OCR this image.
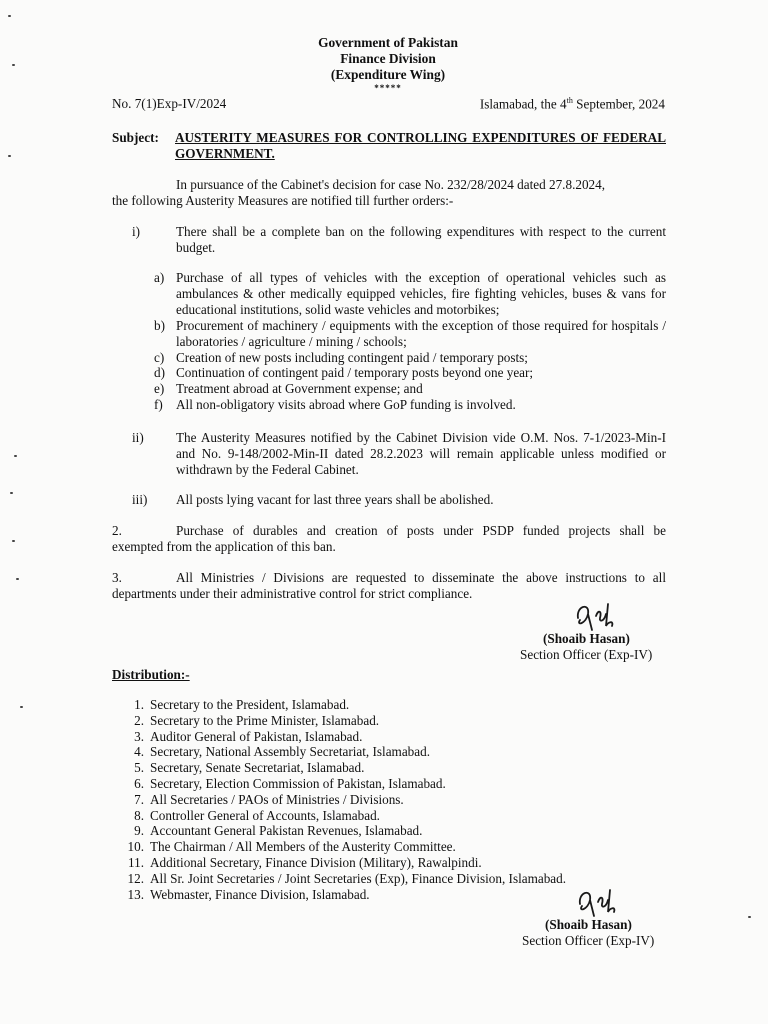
Government of Pakistan
Finance Division
(Expenditure Wing)
*****
No. 7(1)Exp-IV/2024	Islamabad, the 4th September, 2024
Subject: AUSTERITY MEASURES FOR CONTROLLING EXPENDITURES OF FEDERAL GOVERNMENT.
In pursuance of the Cabinet's decision for case No. 232/28/2024 dated 27.8.2024,
the following Austerity Measures are notified till further orders:-
i)	There shall be a complete ban on the following expenditures with respect to the current budget.
a) Purchase of all types of vehicles with the exception of operational vehicles such as ambulances & other medically equipped vehicles, fire fighting vehicles, buses & vans for educational institutions, solid waste vehicles and motorbikes;
b) Procurement of machinery / equipments with the exception of those required for hospitals / laboratories / agriculture / mining / schools;
c) Creation of new posts including contingent paid / temporary posts;
d) Continuation of contingent paid / temporary posts beyond one year;
e) Treatment abroad at Government expense; and
f) All non-obligatory visits abroad where GoP funding is involved.
ii) The Austerity Measures notified by the Cabinet Division vide O.M. Nos. 7-1/2023-Min-I and No. 9-148/2002-Min-II dated 28.2.2023 will remain applicable unless modified or withdrawn by the Federal Cabinet.
iii) All posts lying vacant for last three years shall be abolished.
2.	Purchase of durables and creation of posts under PSDP funded projects shall be
exempted from the application of this ban.
3.	All Ministries / Divisions are requested to disseminate the above instructions to all
departments under their administrative control for strict compliance.
(Shoaib Hasan)
Section Officer (Exp-IV)
Distribution:-
1. Secretary to the President, Islamabad.
2. Secretary to the Prime Minister, Islamabad.
3. Auditor General of Pakistan, Islamabad.
4. Secretary, National Assembly Secretariat, Islamabad.
5. Secretary, Senate Secretariat, Islamabad.
6. Secretary, Election Commission of Pakistan, Islamabad.
7. All Secretaries / PAOs of Ministries / Divisions.
8. Controller General of Accounts, Islamabad.
9. Accountant General Pakistan Revenues, Islamabad.
10. The Chairman / All Members of the Austerity Committee.
11. Additional Secretary, Finance Division (Military), Rawalpindi.
12. All Sr. Joint Secretaries / Joint Secretaries (Exp), Finance Division, Islamabad.
13. Webmaster, Finance Division, Islamabad.
(Shoaib Hasan)
Section Officer (Exp-IV)
